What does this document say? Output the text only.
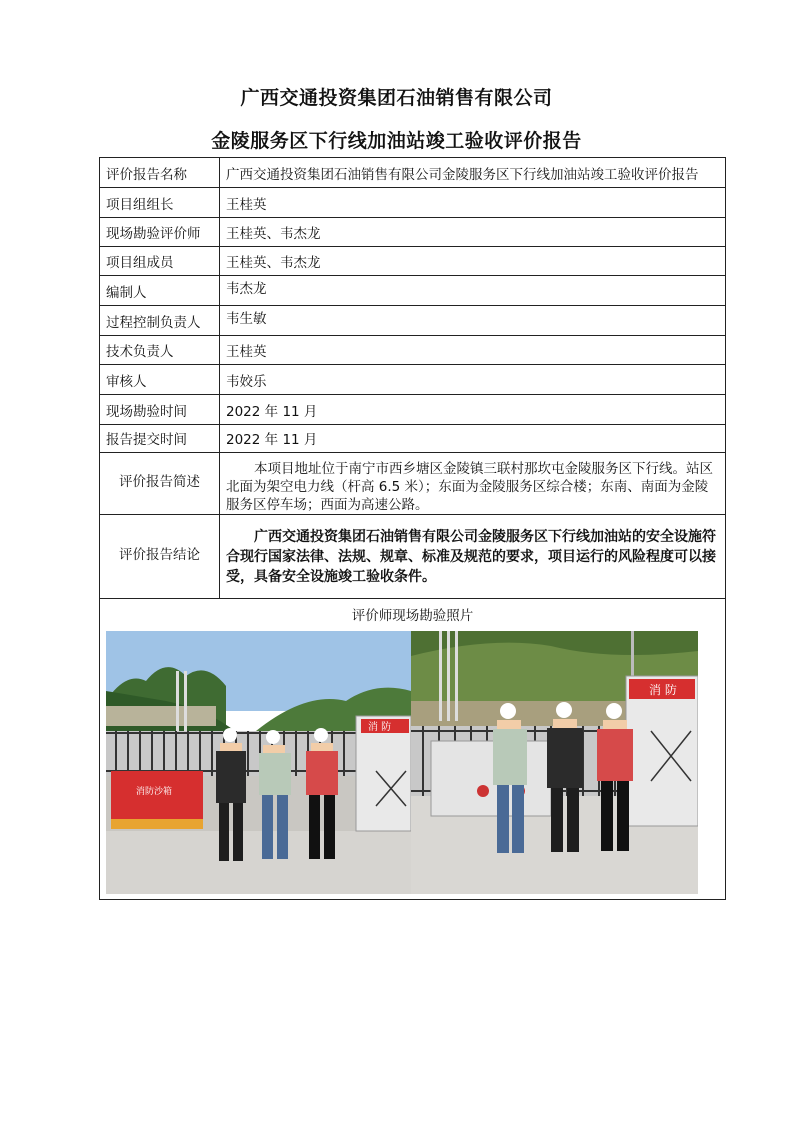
广西交通投资集团石油销售有限公司
金陵服务区下行线加油站竣工验收评价报告
评价报告名称	广西交通投资集团石油销售有限公司金陵服务区下行线加油站竣工验收评价报告
项目组组长	王桂英
现场勘验评价师	王桂英、韦杰龙
项目组成员	王桂英、韦杰龙
编制人	韦杰龙
过程控制负责人	韦生敏
技术负责人	王桂英
审核人	韦姣乐
现场勘验时间	2022 年 11 月
报告提交时间	2022 年 11 月
评价报告简述	本项目地址位于南宁市西乡塘区金陵镇三联村那坎屯金陵服务区下行线。站区北面为架空电力线（杆高 6.5 米）；东面为金陵服务区综合楼；东南、南面为金陵服务区停车场；西面为高速公路。
评价报告结论	广西交通投资集团石油销售有限公司金陵服务区下行线加油站的安全设施符合现行国家法律、法规、规章、标准及规范的要求，项目运行的风险程度可以接受，具备安全设施竣工验收条件。

评价师现场勘验照片
消防沙箱
消 防
消 防	
